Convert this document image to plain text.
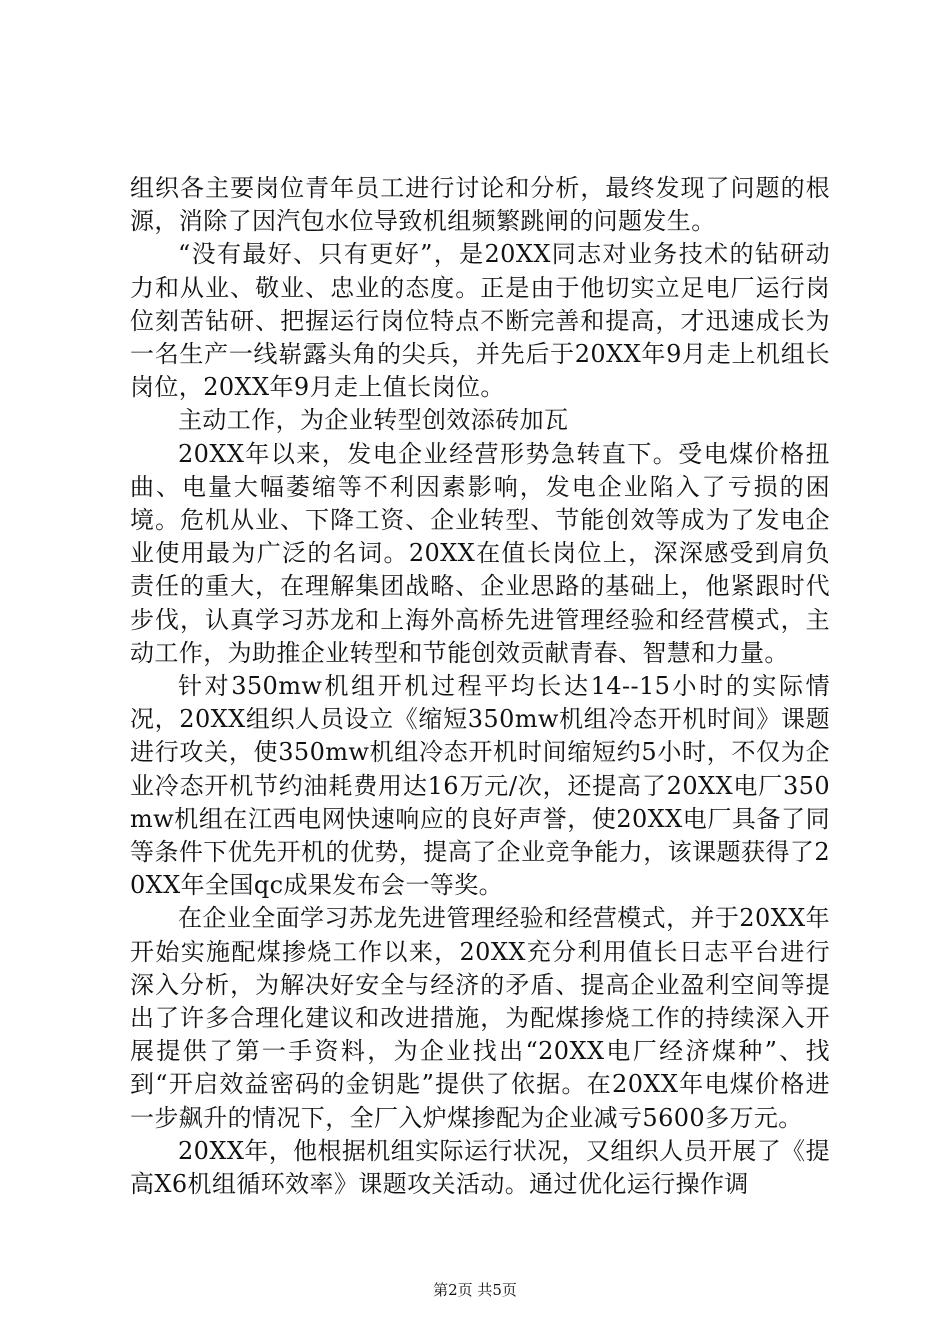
组织各主要岗位青年员工进行讨论和分析，最终发现了问题的根源，消除了因汽包水位导致机组频繁跳闸的问题发生。

“没有最好、只有更好”，是20XX同志对业务技术的钻研动力和从业、敬业、忠业的态度。正是由于他切实立足电厂运行岗位刻苦钻研、把握运行岗位特点不断完善和提高，才迅速成长为一名生产一线崭露头角的尖兵，并先后于20XX年9月走上机组长岗位，20XX年9月走上值长岗位。

主动工作，为企业转型创效添砖加瓦

20XX年以来，发电企业经营形势急转直下。受电煤价格扭曲、电量大幅萎缩等不利因素影响，发电企业陷入了亏损的困境。危机从业、下降工资、企业转型、节能创效等成为了发电企业使用最为广泛的名词。20XX在值长岗位上，深深感受到肩负责任的重大，在理解集团战略、企业思路的基础上，他紧跟时代步伐，认真学习苏龙和上海外高桥先进管理经验和经营模式，主动工作，为助推企业转型和节能创效贡献青春、智慧和力量。

针对350mw机组开机过程平均长达14--15小时的实际情况，20XX组织人员设立《缩短350mw机组冷态开机时间》课题进行攻关，使350mw机组冷态开机时间缩短约5小时，不仅为企业冷态开机节约油耗费用达16万元/次，还提高了20XX电厂350mw机组在江西电网快速响应的良好声誉，使20XX电厂具备了同等条件下优先开机的优势，提高了企业竞争能力，该课题获得了20XX年全国qc成果发布会一等奖。

在企业全面学习苏龙先进管理经验和经营模式，并于20XX年开始实施配煤掺烧工作以来，20XX充分利用值长日志平台进行深入分析，为解决好安全与经济的矛盾、提高企业盈利空间等提出了许多合理化建议和改进措施，为配煤掺烧工作的持续深入开展提供了第一手资料，为企业找出“20XX电厂经济煤种”、找到“开启效益密码的金钥匙”提供了依据。在20XX年电煤价格进一步飙升的情况下，全厂入炉煤掺配为企业减亏5600多万元。

20XX年，他根据机组实际运行状况，又组织人员开展了《提高X6机组循环效率》课题攻关活动。通过优化运行操作调

第2页 共5页
